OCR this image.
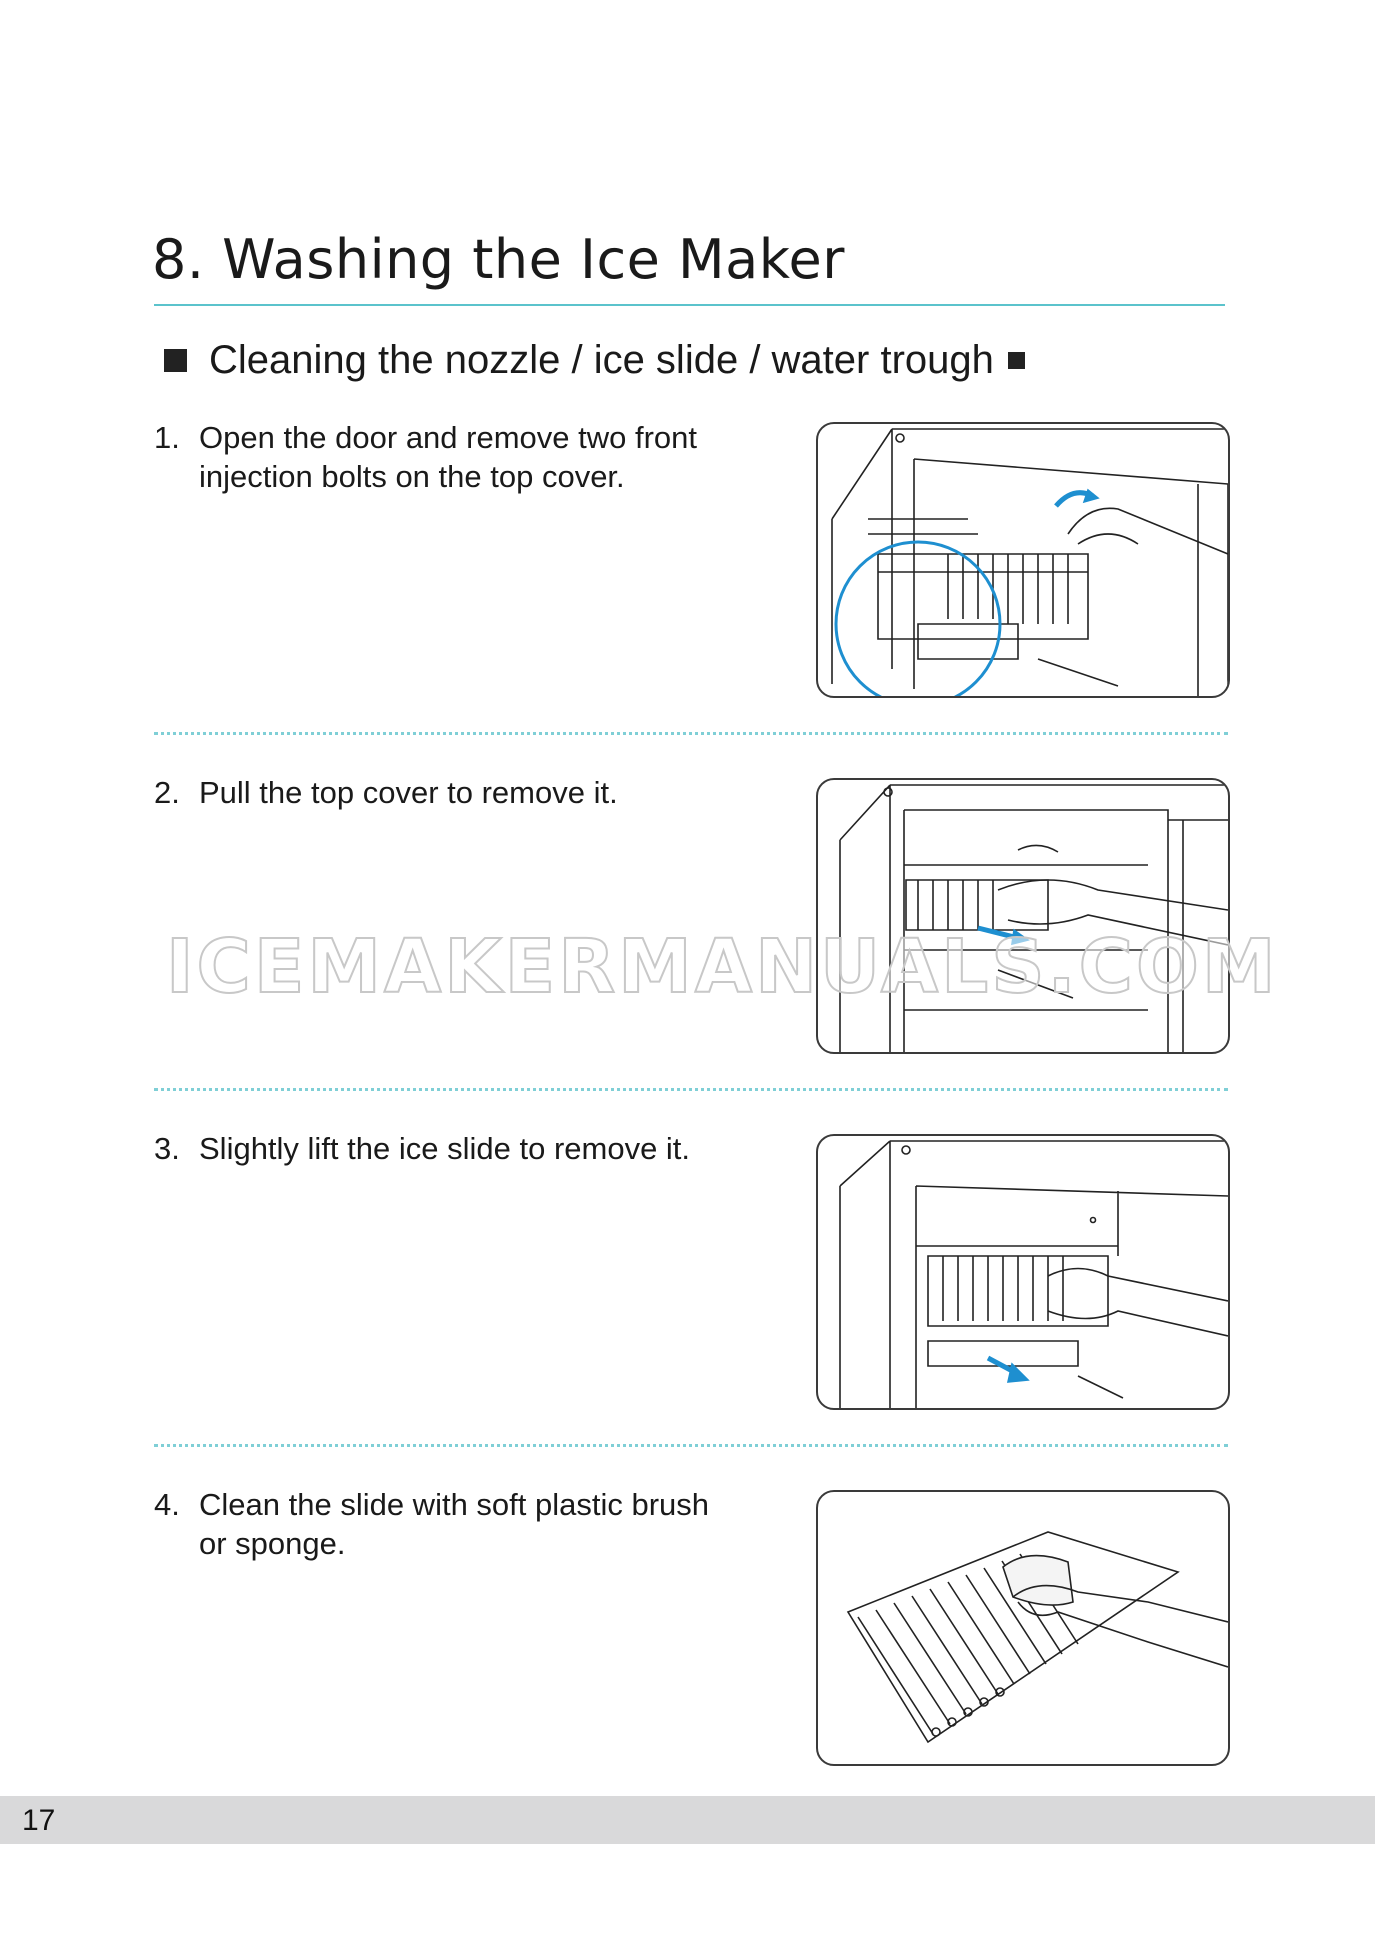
8. Washing the Ice Maker
Cleaning the nozzle / ice slide / water trough
1. Open the door and remove two front
injection bolts on the top cover.
2. Pull the top cover to remove it.
3. Slightly lift the ice slide to remove it.
4. Clean the slide with soft plastic brush
or sponge.
ICEMAKERMANUALS.COM
17
